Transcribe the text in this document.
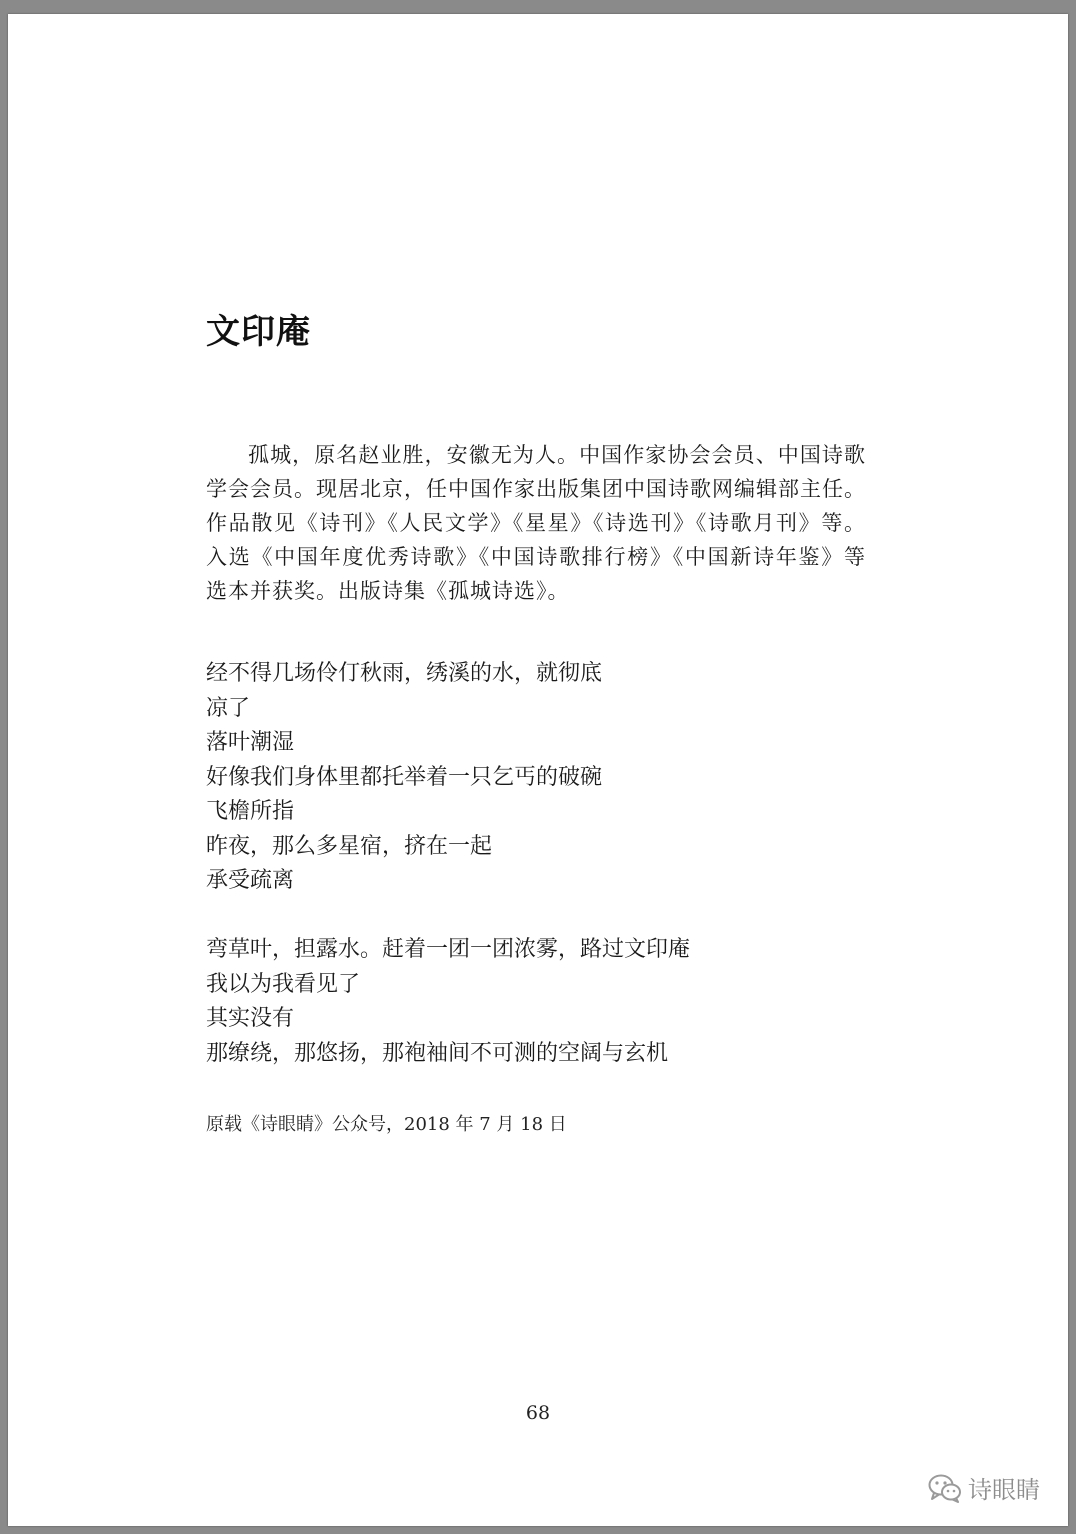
文印庵
孤城，原名赵业胜，安徽无为人。中国作家协会会员、中国诗歌学会会员。现居北京，任中国作家出版集团中国诗歌网编辑部主任。作品散见《诗刊》《人民文学》《星星》《诗选刊》《诗歌月刊》等。入选《中国年度优秀诗歌》《中国诗歌排行榜》《中国新诗年鉴》等选本并获奖。出版诗集《孤城诗选》。
经不得几场伶仃秋雨，绣溪的水，就彻底
凉了
落叶潮湿
好像我们身体里都托举着一只乞丐的破碗
飞檐所指
昨夜，那么多星宿，挤在一起
承受疏离
弯草叶，担露水。赶着一团一团浓雾，路过文印庵
我以为我看见了
其实没有
那缭绕，那悠扬，那袍袖间不可测的空阔与玄机
原载《诗眼睛》公众号，2018 年 7 月 18 日
68
诗眼睛
